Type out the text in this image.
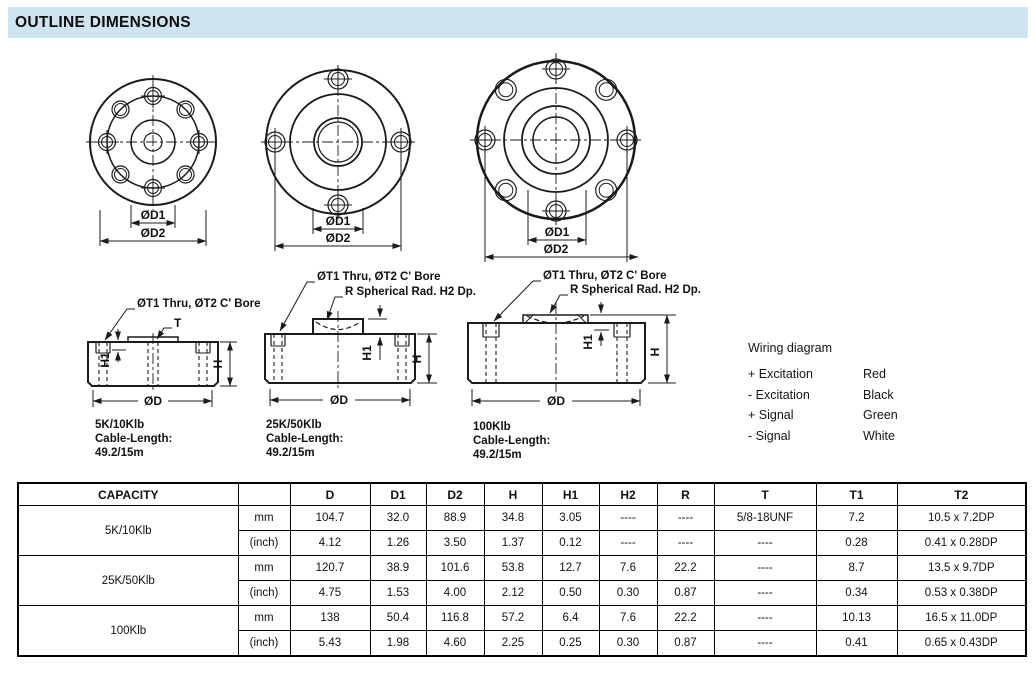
OUTLINE DIMENSIONS
ØD1
ØD2
ØD1
ØD2	ØD1
ØD2
T
ØT1 Thru, ØT2 C' Bore
H1	H
ØD
5K/10Klb
Cable-Length:
49.2/15m
ØT1 Thru, ØT2 C' Bore
R Spherical Rad. H2 Dp.
H1	H
ØD
25K/50Klb
Cable-Length:
49.2/15m
ØT1 Thru, ØT2 C' Bore
R Spherical Rad. H2 Dp.
H1
H
ØD
100Klb
Cable-Length:
49.2/15m
Wiring diagram
+ Excitation	Red
- Excitation	Black
+ Signal	Green
- Signal	White
CAPACITY		D	D1	D2	H	H1	H2	R	T	T1	T2
5K/10Klb	mm	104.7	32.0	88.9	34.8	3.05	----	----	5/8-18UNF	7.2	10.5 x 7.2DP
	(inch)	4.12	1.26	3.50	1.37	0.12	----	----	----	0.28	0.41 x 0.28DP
25K/50Klb	mm	120.7	38.9	101.6	53.8	12.7	7.6	22.2	----	8.7	13.5 x 9.7DP
	(inch)	4.75	1.53	4.00	2.12	0.50	0.30	0.87	----	0.34	0.53 x 0.38DP
100Klb	mm	138	50.4	116.8	57.2	6.4	7.6	22.2	----	10.13	16.5 x 11.0DP
	(inch)	5.43	1.98	4.60	2.25	0.25	0.30	0.87	----	0.41	0.65 x 0.43DP
